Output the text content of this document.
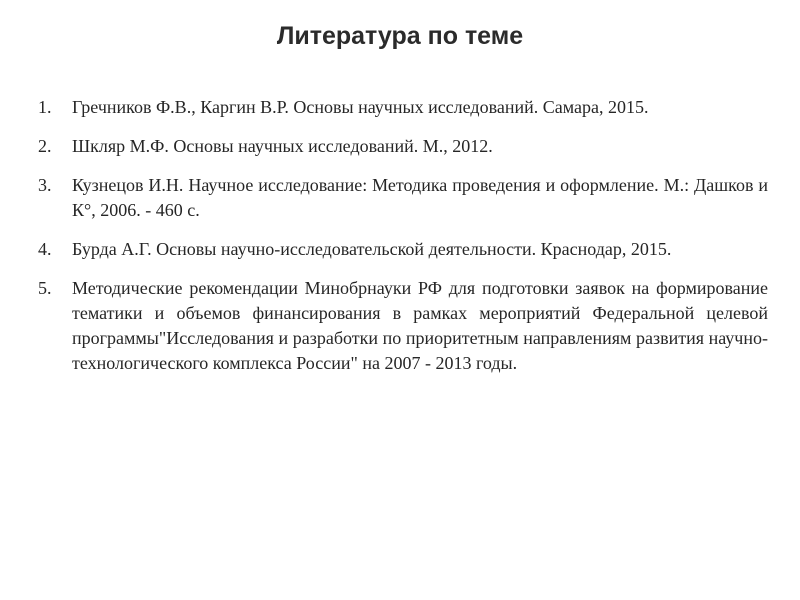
Литература по теме
1.	Гречников Ф.В., Каргин В.Р. Основы научных исследований. Самара, 2015.
2.	Шкляр М.Ф. Основы научных исследований. М., 2012.
3.	Кузнецов И.Н. Научное исследование: Методика проведения и оформление. М.: Дашков и К°, 2006. - 460 с.
4.	Бурда А.Г. Основы научно-исследовательской деятельности. Краснодар, 2015.
5.	Методические рекомендации Минобрнауки РФ для подготовки заявок на формирование тематики и объемов финансирования в рамках мероприятий Федеральной целевой программы"Исследования и разработки по приоритетным направлениям развития научно-технологического комплекса России" на 2007 - 2013 годы.
